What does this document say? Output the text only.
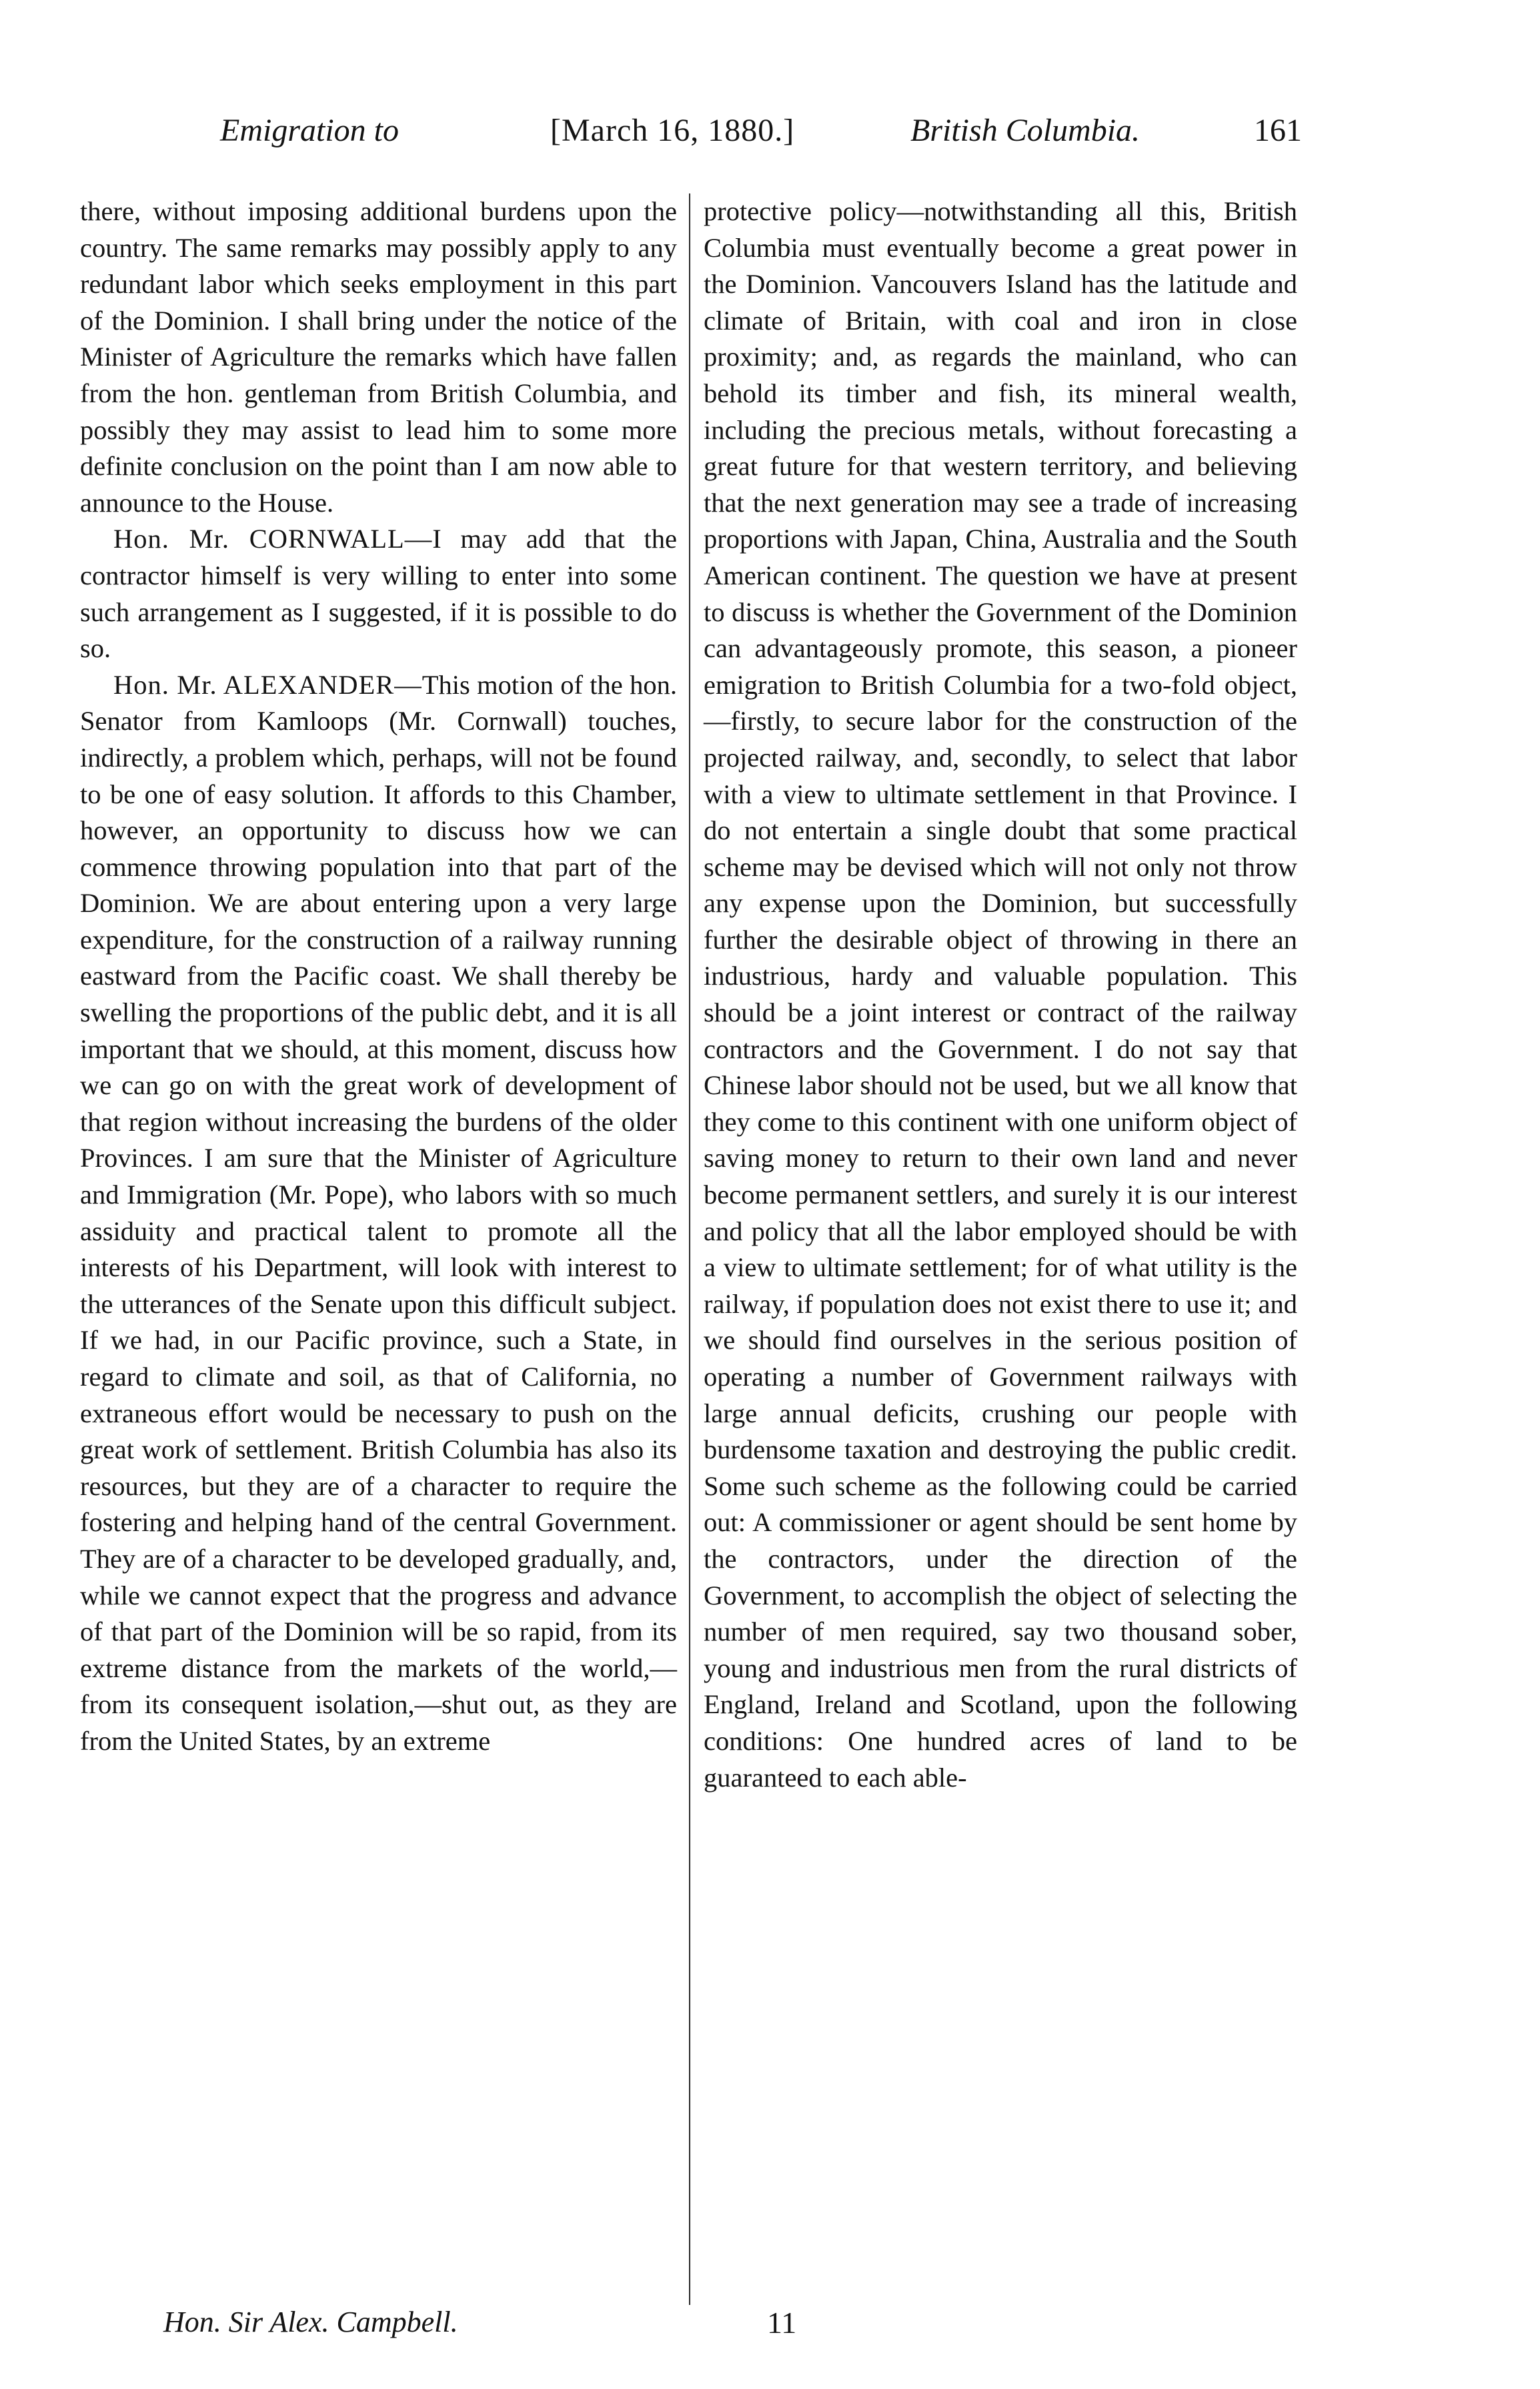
Emigration to	[March 16, 1880.]	British Columbia.	161

there, without imposing additional burdens upon the country. The same remarks may possibly apply to any redundant labor which seeks employment in this part of the Dominion. I shall bring under the notice of the Minister of Agriculture the remarks which have fallen from the hon. gentleman from British Columbia, and possibly they may assist to lead him to some more definite conclusion on the point than I am now able to announce to the House.

Hon. Mr. CORNWALL—I may add that the contractor himself is very willing to enter into some such arrangement as I suggested, if it is possible to do so.

Hon. Mr. ALEXANDER—This motion of the hon. Senator from Kamloops (Mr. Cornwall) touches, indirectly, a problem which, perhaps, will not be found to be one of easy solution. It affords to this Chamber, however, an opportunity to discuss how we can commence throwing population into that part of the Dominion. We are about entering upon a very large expenditure, for the construction of a railway running eastward from the Pacific coast. We shall thereby be swelling the proportions of the public debt, and it is all important that we should, at this moment, discuss how we can go on with the great work of development of that region without increasing the burdens of the older Provinces. I am sure that the Minister of Agriculture and Immigration (Mr. Pope), who labors with so much assiduity and practical talent to promote all the interests of his Department, will look with interest to the utterances of the Senate upon this difficult subject. If we had, in our Pacific province, such a State, in regard to climate and soil, as that of California, no extraneous effort would be necessary to push on the great work of settlement. British Columbia has also its resources, but they are of a character to require the fostering and helping hand of the central Government. They are of a character to be developed gradually, and, while we cannot expect that the progress and advance of that part of the Dominion will be so rapid, from its extreme distance from the markets of the world,—from its consequent isolation,—shut out, as they are from the United States, by an extreme

protective policy—notwithstanding all this, British Columbia must eventually become a great power in the Dominion. Vancouvers Island has the latitude and climate of Britain, with coal and iron in close proximity; and, as regards the mainland, who can behold its timber and fish, its mineral wealth, including the precious metals, without forecasting a great future for that western territory, and believing that the next generation may see a trade of increasing proportions with Japan, China, Australia and the South American continent. The question we have at present to discuss is whether the Government of the Dominion can advantageously promote, this season, a pioneer emigration to British Columbia for a two-fold object,—firstly, to secure labor for the construction of the projected railway, and, secondly, to select that labor with a view to ultimate settlement in that Province. I do not entertain a single doubt that some practical scheme may be devised which will not only not throw any expense upon the Dominion, but successfully further the desirable object of throwing in there an industrious, hardy and valuable population. This should be a joint interest or contract of the railway contractors and the Government. I do not say that Chinese labor should not be used, but we all know that they come to this continent with one uniform object of saving money to return to their own land and never become permanent settlers, and surely it is our interest and policy that all the labor employed should be with a view to ultimate settlement; for of what utility is the railway, if population does not exist there to use it; and we should find ourselves in the serious position of operating a number of Government railways with large annual deficits, crushing our people with burdensome taxation and destroying the public credit. Some such scheme as the following could be carried out: A commissioner or agent should be sent home by the contractors, under the direction of the Government, to accomplish the object of selecting the number of men required, say two thousand sober, young and industrious men from the rural districts of England, Ireland and Scotland, upon the following conditions: One hundred acres of land to be guaranteed to each able-

Hon. Sir Alex. Campbell.	11
